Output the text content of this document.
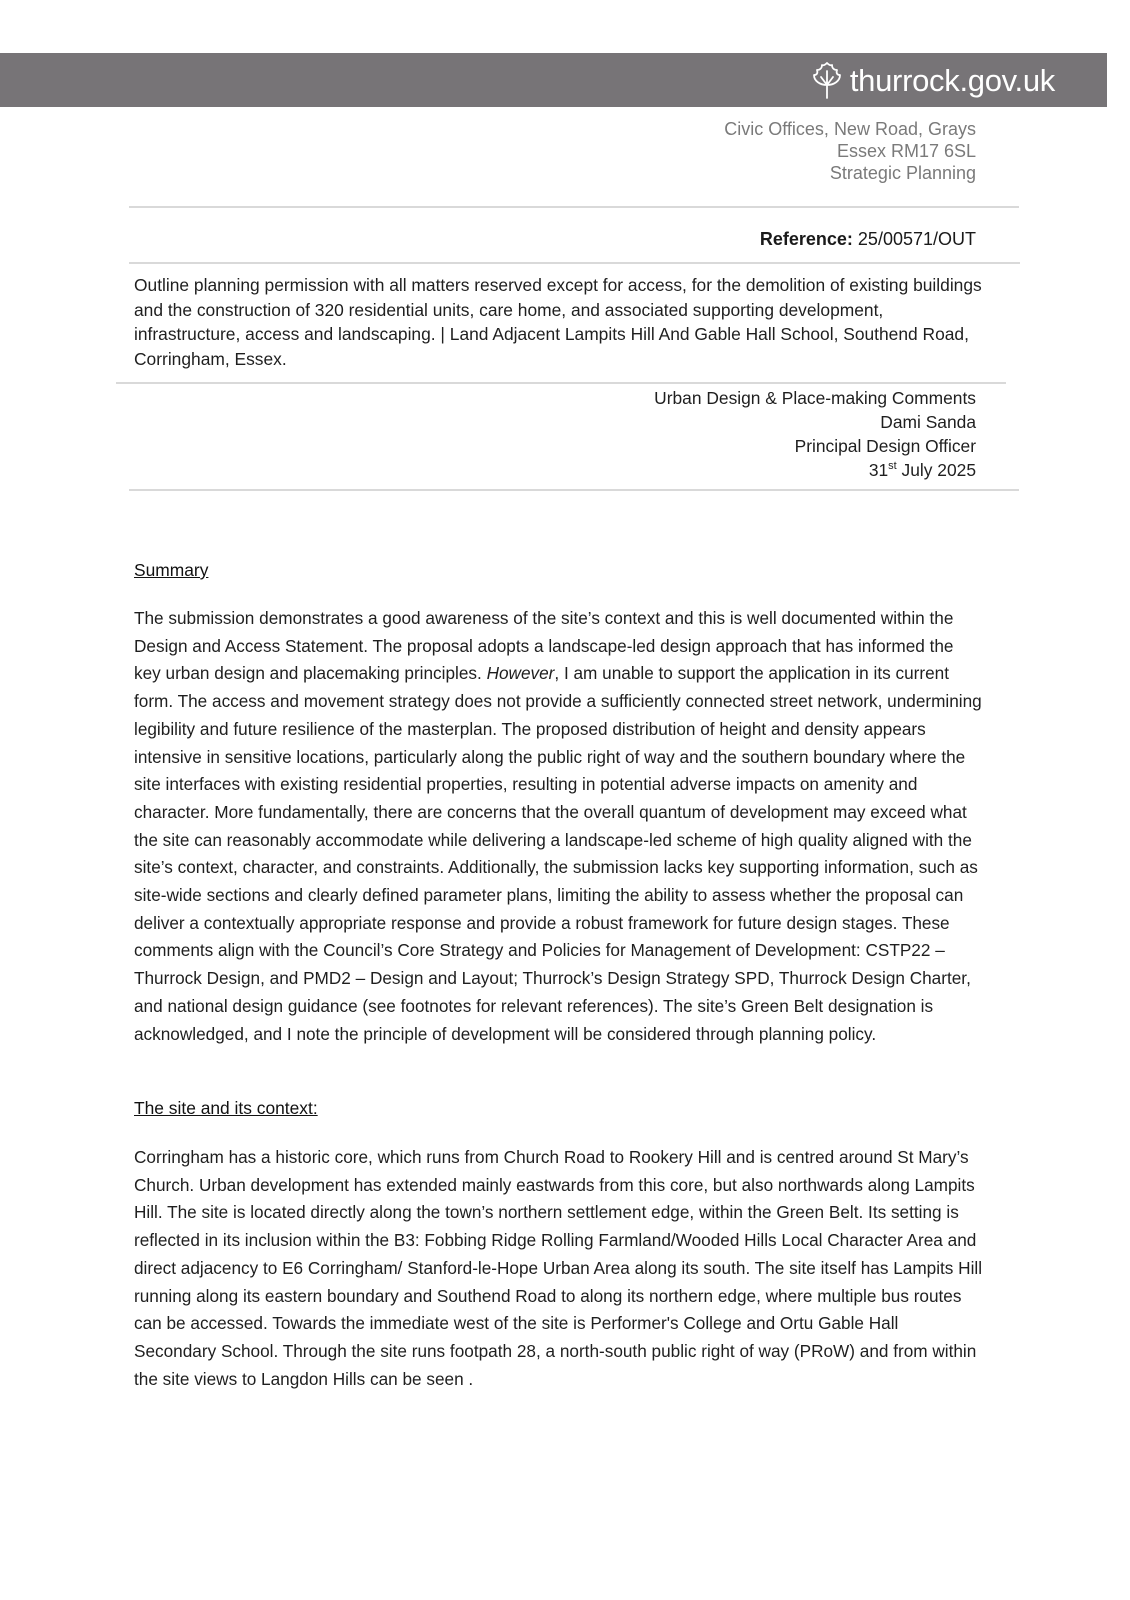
thurrock.gov.uk
Civic Offices, New Road, Grays
Essex RM17 6SL
Strategic Planning
Reference: 25/00571/OUT
Outline planning permission with all matters reserved except for access, for the demolition of existing buildings and the construction of 320 residential units, care home, and associated supporting development, infrastructure, access and landscaping. | Land Adjacent Lampits Hill And Gable Hall School, Southend Road, Corringham, Essex.
Urban Design & Place-making Comments
Dami Sanda
Principal Design Officer
31st July 2025
Summary

The submission demonstrates a good awareness of the site’s context and this is well documented within the Design and Access Statement. The proposal adopts a landscape-led design approach that has informed the key urban design and placemaking principles. However, I am unable to support the application in its current form. The access and movement strategy does not provide a sufficiently connected street network, undermining legibility and future resilience of the masterplan. The proposed distribution of height and density appears intensive in sensitive locations, particularly along the public right of way and the southern boundary where the site interfaces with existing residential properties, resulting in potential adverse impacts on amenity and character. More fundamentally, there are concerns that the overall quantum of development may exceed what the site can reasonably accommodate while delivering a landscape-led scheme of high quality aligned with the site’s context, character, and constraints. Additionally, the submission lacks key supporting information, such as site-wide sections and clearly defined parameter plans, limiting the ability to assess whether the proposal can deliver a contextually appropriate response and provide a robust framework for future design stages. These comments align with the Council’s Core Strategy and Policies for Management of Development: CSTP22 – Thurrock Design, and PMD2 – Design and Layout; Thurrock’s Design Strategy SPD, Thurrock Design Charter, and national design guidance (see footnotes for relevant references). The site’s Green Belt designation is acknowledged, and I note the principle of development will be considered through planning policy.

The site and its context:

Corringham has a historic core, which runs from Church Road to Rookery Hill and is centred around St Mary’s Church. Urban development has extended mainly eastwards from this core, but also northwards along Lampits Hill. The site is located directly along the town’s northern settlement edge, within the Green Belt. Its setting is reflected in its inclusion within the B3: Fobbing Ridge Rolling Farmland/Wooded Hills Local Character Area and direct adjacency to E6 Corringham/ Stanford-le-Hope Urban Area along its south. The site itself has Lampits Hill running along its eastern boundary and Southend Road to along its northern edge, where multiple bus routes can be accessed. Towards the immediate west of the site is Performer's College and Ortu Gable Hall Secondary School. Through the site runs footpath 28, a north-south public right of way (PRoW) and from within the site views to Langdon Hills can be seen .
